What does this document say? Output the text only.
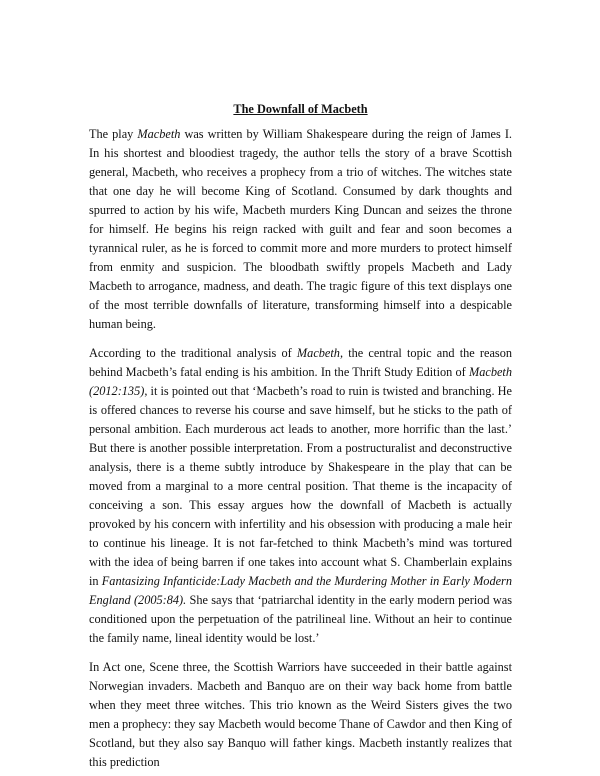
The Downfall of Macbeth

The play Macbeth was written by William Shakespeare during the reign of James I. In his shortest and bloodiest tragedy, the author tells the story of a brave Scottish general, Macbeth, who receives a prophecy from a trio of witches. The witches state that one day he will become King of Scotland. Consumed by dark thoughts and spurred to action by his wife, Macbeth murders King Duncan and seizes the throne for himself. He begins his reign racked with guilt and fear and soon becomes a tyrannical ruler, as he is forced to commit more and more murders to protect himself from enmity and suspicion. The bloodbath swiftly propels Macbeth and Lady Macbeth to arrogance, madness, and death. The tragic figure of this text displays one of the most terrible downfalls of literature, transforming himself into a despicable human being.

According to the traditional analysis of Macbeth, the central topic and the reason behind Macbeth’s fatal ending is his ambition. In the Thrift Study Edition of Macbeth (2012:135), it is pointed out that ‘Macbeth’s road to ruin is twisted and branching. He is offered chances to reverse his course and save himself, but he sticks to the path of personal ambition. Each murderous act leads to another, more horrific than the last.’ But there is another possible interpretation. From a postructuralist and deconstructive analysis, there is a theme subtly introduce by Shakespeare in the play that can be moved from a marginal to a more central position. That theme is the incapacity of conceiving a son. This essay argues how the downfall of Macbeth is actually provoked by his concern with infertility and his obsession with producing a male heir to continue his lineage. It is not far-fetched to think Macbeth’s mind was tortured with the idea of being barren if one takes into account what S. Chamberlain explains in Fantasizing Infanticide:Lady Macbeth and the Murdering Mother in Early Modern England (2005:84). She says that ‘patriarchal identity in the early modern period was conditioned upon the perpetuation of the patrilineal line. Without an heir to continue the family name, lineal identity would be lost.’

In Act one, Scene three, the Scottish Warriors have succeeded in their battle against Norwegian invaders. Macbeth and Banquo are on their way back home from battle when they meet three witches. This trio known as the Weird Sisters gives the two men a prophecy: they say Macbeth would become Thane of Cawdor and then King of Scotland, but they also say Banquo will father kings. Macbeth instantly realizes that this prediction
